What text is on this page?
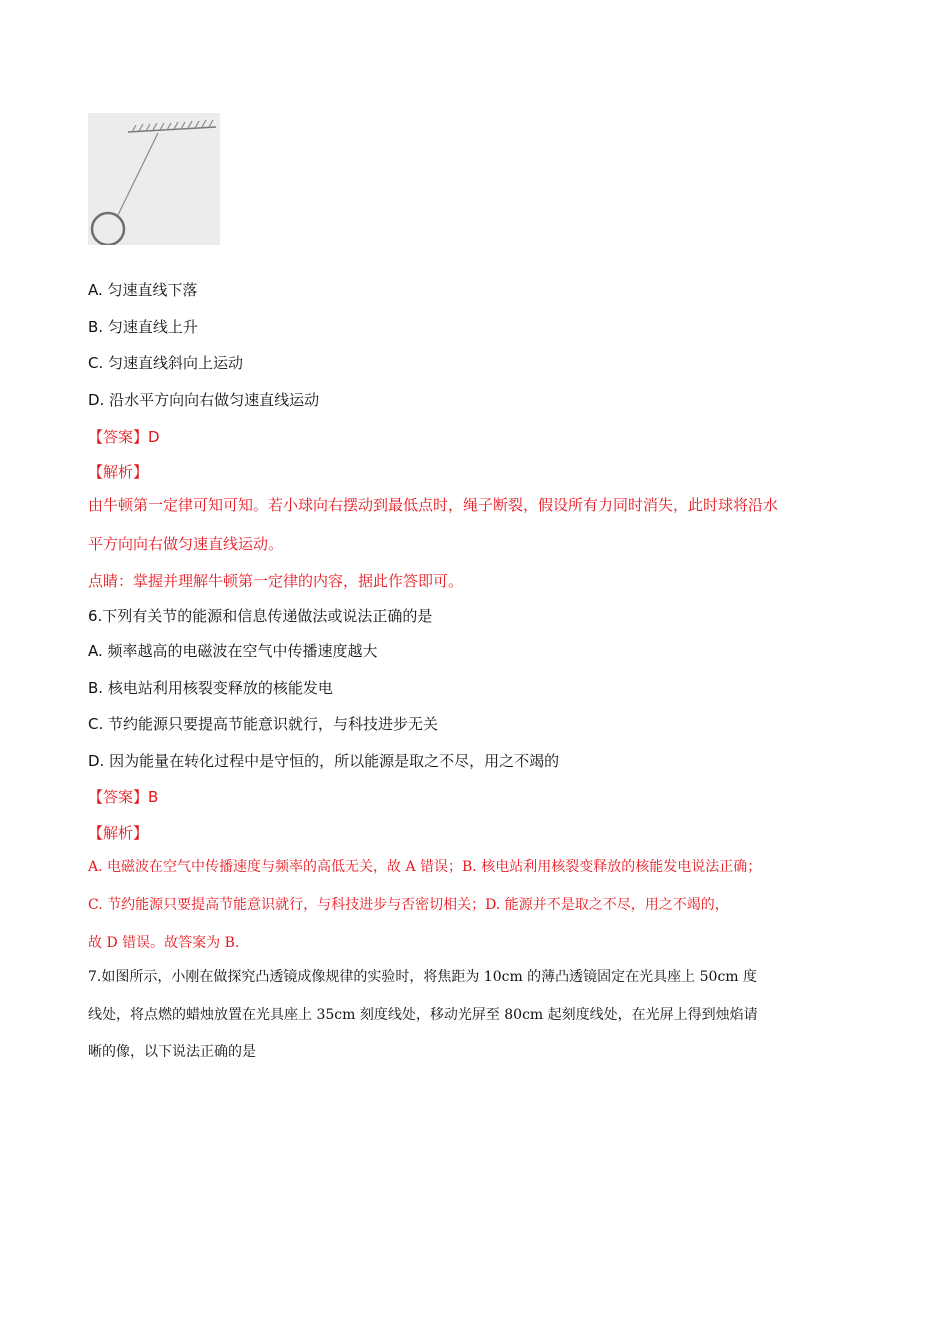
A. 匀速直线下落
B. 匀速直线上升
C. 匀速直线斜向上运动
D. 沿水平方向向右做匀速直线运动
【答案】D
【解析】
由牛顿第一定律可知可知。若小球向右摆动到最低点时，绳子断裂，假设所有力同时消失，此时球将沿水
平方向向右做匀速直线运动。
点睛：掌握并理解牛顿第一定律的内容，据此作答即可。
6.下列有关节的能源和信息传递做法或说法正确的是
A. 频率越高的电磁波在空气中传播速度越大
B. 核电站利用核裂变释放的核能发电
C. 节约能源只要提高节能意识就行，与科技进步无关
D. 因为能量在转化过程中是守恒的，所以能源是取之不尽，用之不竭的
【答案】B
【解析】
A. 电磁波在空气中传播速度与频率的高低无关，故 A 错误；B. 核电站利用核裂变释放的核能发电说法正确；
C. 节约能源只要提高节能意识就行，与科技进步与否密切相关；D. 能源并不是取之不尽，用之不竭的，
故 D 错误。故答案为 B.
7.如图所示，小刚在做探究凸透镜成像规律的实验时，将焦距为 10cm 的薄凸透镜固定在光具座上 50cm 度
线处，将点燃的蜡烛放置在光具座上 35cm 刻度线处，移动光屏至 80cm 起刻度线处，在光屏上得到烛焰请
晰的像，以下说法正确的是
